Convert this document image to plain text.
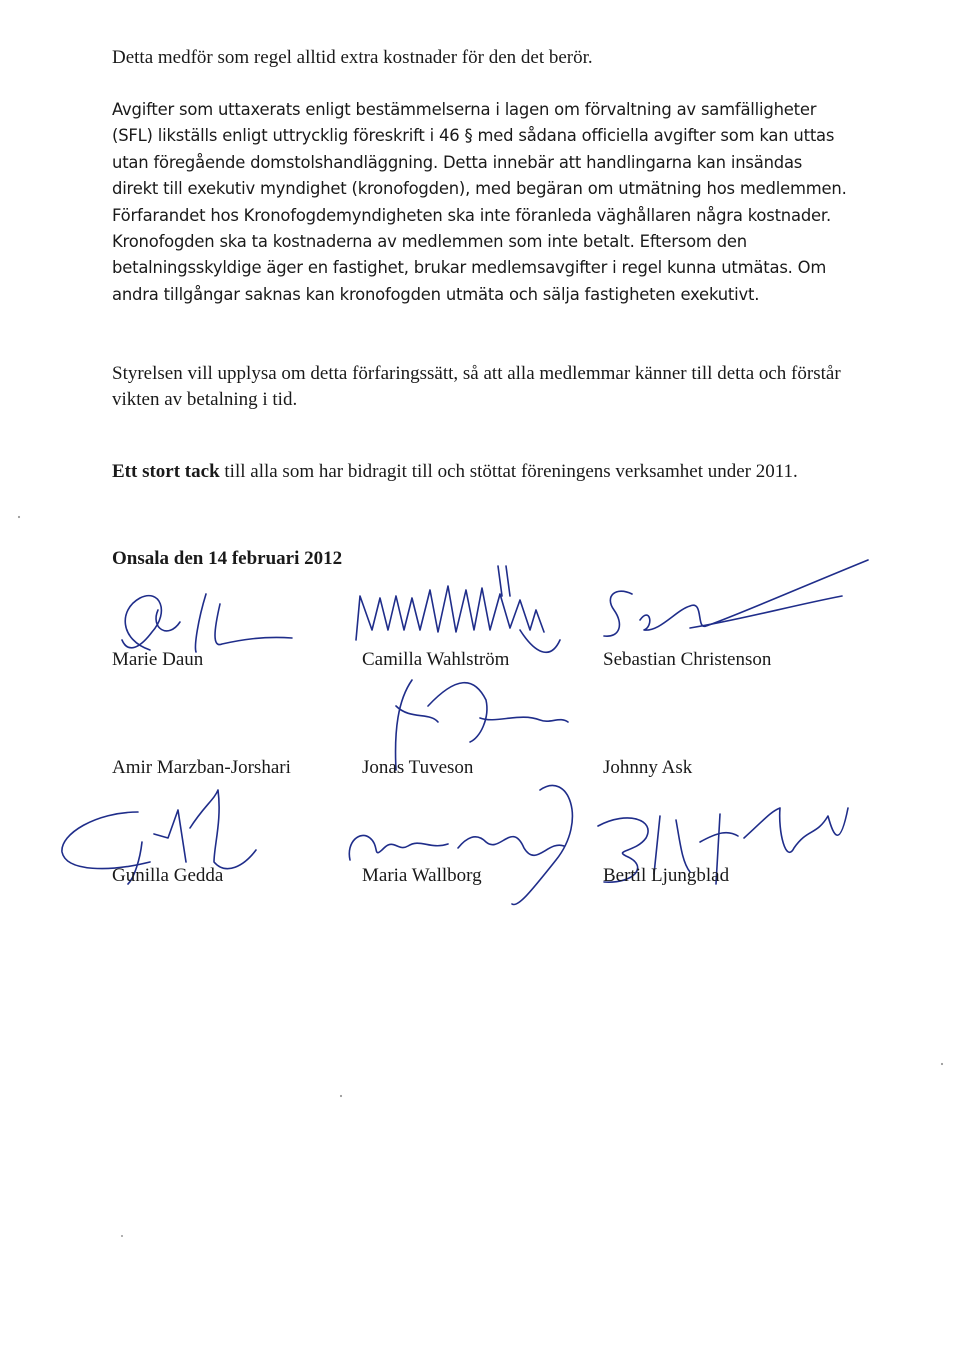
Detta medför som regel alltid extra kostnader för den det berör.

Avgifter som uttaxerats enligt bestämmelserna i lagen om förvaltning av samfälligheter (SFL) likställs enligt uttrycklig föreskrift i 46 § med sådana officiella avgifter som kan uttas utan föregående domstolshandläggning. Detta innebär att handlingarna kan insändas direkt till exekutiv myndighet (kronofogden), med begäran om utmätning hos medlemmen. Förfarandet hos Kronofogdemyndigheten ska inte föranleda väghållaren några kostnader. Kronofogden ska ta kostnaderna av medlemmen som inte betalt. Eftersom den betalningsskyldige äger en fastighet, brukar medlemsavgifter i regel kunna utmätas. Om andra tillgångar saknas kan kronofogden utmäta och sälja fastigheten exekutivt.

Styrelsen vill upplysa om detta förfaringssätt, så att alla medlemmar känner till detta och förstår vikten av betalning i tid.

Ett stort tack till alla som har bidragit till och stöttat föreningens verksamhet under 2011.

Onsala den 14 februari 2012

Marie Daun	Camilla Wahlström	Sebastian Christenson

Amir Marzban-Jorshari	Jonas Tuveson	Johnny Ask

Gunilla Gedda	Maria Wallborg	Bertil Ljungblad
